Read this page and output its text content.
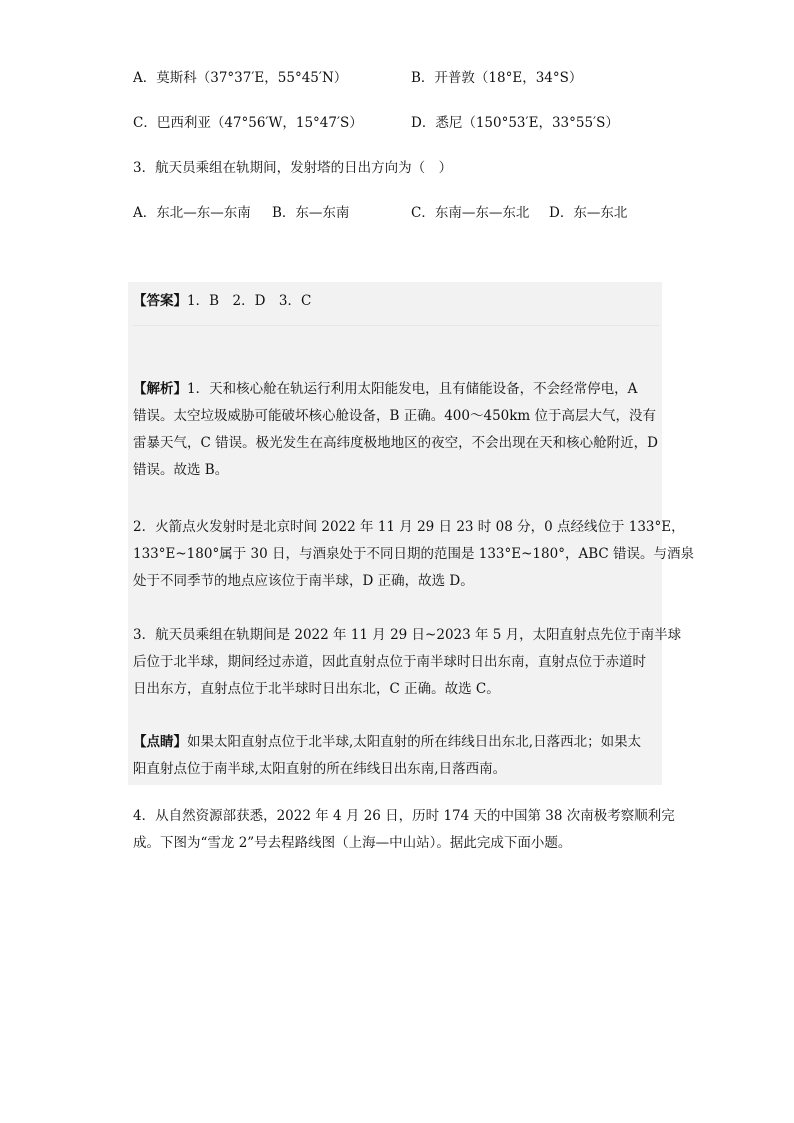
A．莫斯科（37°37′E，55°45′N）	B．开普敦（18°E，34°S）
C．巴西利亚（47°56′W，15°47′S）	D．悉尼（150°53′E，33°55′S）
3．航天员乘组在轨期间，发射塔的日出方向为（　）
A．东北—东—东南 B．东—东南	C．东南—东—东北 D．东—东北
【答案】1．B　2．D　3．C
【解析】1．天和核心舱在轨运行利用太阳能发电，且有储能设备，不会经常停电，A
错误。太空垃圾威胁可能破坏核心舱设备，B 正确。400～450km 位于高层大气，没有
雷暴天气，C 错误。极光发生在高纬度极地地区的夜空，不会出现在天和核心舱附近，D
错误。故选 B。
2．火箭点火发射时是北京时间 2022 年 11 月 29 日 23 时 08 分，0 点经线位于 133°E，
133°E~180°属于 30 日，与酒泉处于不同日期的范围是 133°E~180°，ABC 错误。与酒泉
处于不同季节的地点应该位于南半球，D 正确，故选 D。
3．航天员乘组在轨期间是 2022 年 11 月 29 日~2023 年 5 月，太阳直射点先位于南半球
后位于北半球，期间经过赤道，因此直射点位于南半球时日出东南，直射点位于赤道时
日出东方，直射点位于北半球时日出东北，C 正确。故选 C。
【点睛】如果太阳直射点位于北半球,太阳直射的所在纬线日出东北,日落西北；如果太
阳直射点位于南半球,太阳直射的所在纬线日出东南,日落西南。
4．从自然资源部获悉，2022 年 4 月 26 日，历时 174 天的中国第 38 次南极考察顺利完
成。下图为“雪龙 2”号去程路线图（上海—中山站）。据此完成下面小题。
